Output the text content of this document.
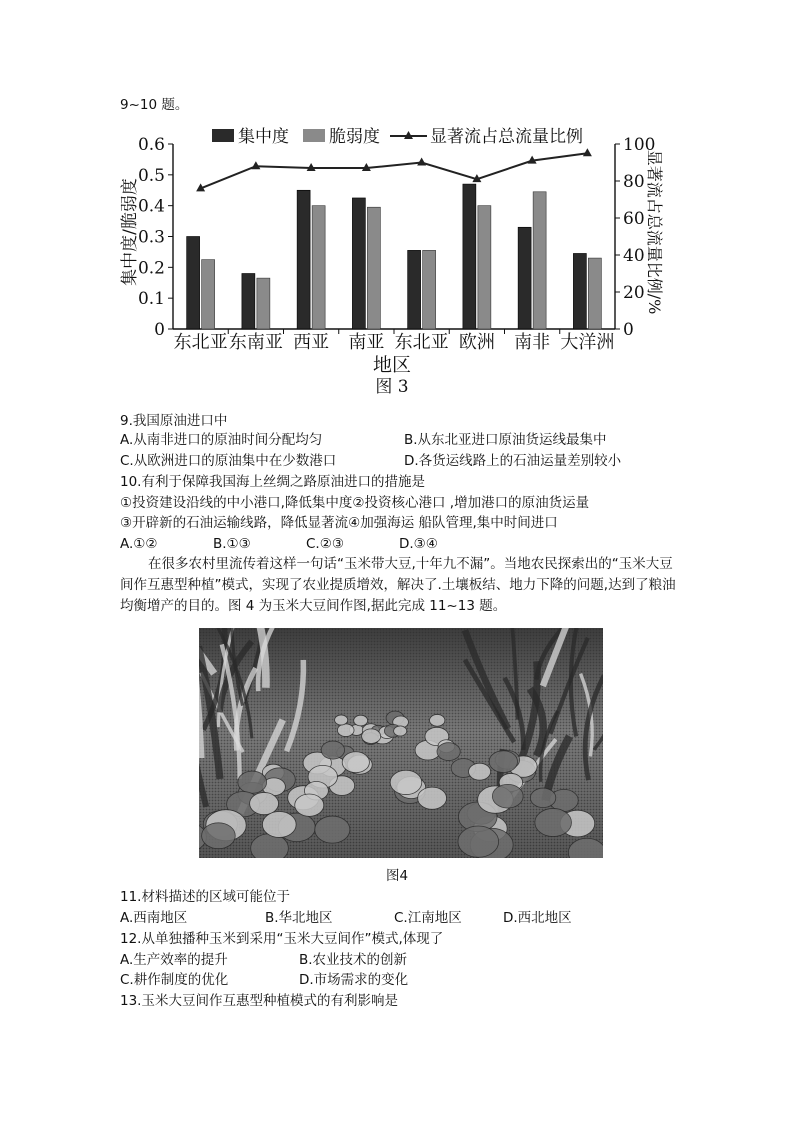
9~10 题。
0
0.1
0.2
0.3
0.4
0.5
0.6
0
20
40
60
80
100
东北亚 东南亚 西亚 南亚 东北亚 欧洲 南非 大洋洲
集中度 脆弱度	显著流占总流量比例
集中度/脆弱度	显著流占总流量比例/%
地区
图 3
9.我国原油进口中
A.从南非进口的原油时间分配均匀	B.从东北亚进口原油货运线最集中
C.从欧洲进口的原油集中在少数港口	D.各货运线路上的石油运量差别较小
10.有利于保障我国海上丝绸之路原油进口的措施是
①投资建设沿线的中小港口,降低集中度②投资核心港口 ,增加港口的原油货运量
③开辟新的石油运输线路，降低显著流④加强海运 船队管理,集中时间进口
A.①②	B.①③	C.②③	D.③④
在很多农村里流传着这样一句话“玉米带大豆,十年九不漏”。当地农民探索出的“玉米大豆间作互惠型种植”模式，实现了农业提质增效，解决了.土壤板结、地力下降的问题,达到了粮油均衡增产的目的。图 4 为玉米大豆间作图,据此完成 11~13 题。
图4
11.材料描述的区域可能位于
A.西南地区	B.华北地区	C.江南地区	D.西北地区
12.从单独播种玉米到采用“玉米大豆间作”模式,体现了
A.生产效率的提升	B.农业技术的创新
C.耕作制度的优化	D.市场需求的变化
13.玉米大豆间作互惠型种植模式的有利影响是
